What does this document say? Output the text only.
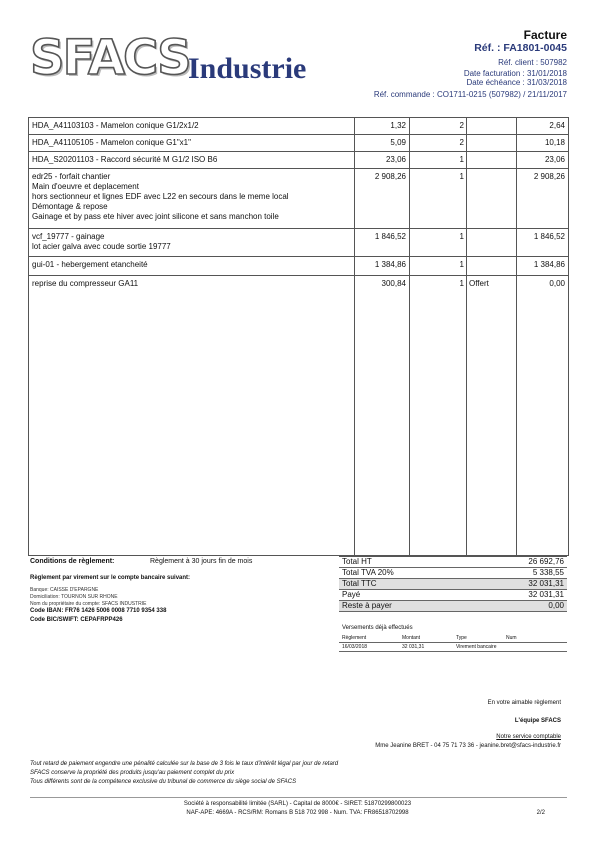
SFACS
Industrie
Facture
Réf. : FA1801-0045
Réf. client : 507982
Date facturation : 31/01/2018
Date échéance : 31/03/2018
Réf. commande : CO1711-0215 (507982) / 21/11/2017
HDA_A41103103 - Mamelon conique G1/2x1/2	1,32	2	2,64
HDA_A41105105 - Mamelon conique G1"x1"	5,09	2	10,18
HDA_S20201103 - Raccord sécurité M G1/2 ISO B6	23,06	1	23,06
edr25 - forfait chantier
Main d'oeuvre et deplacement
hors sectionneur et lignes EDF avec L22 en secours dans le meme local
Démontage & repose
Gainage et by pass ete hiver avec joint silicone et sans manchon toile
2 908,26	1	2 908,26
vcf_19777 - gainage
lot acier galva avec coude sortie 19777
1 846,52	1	1 846,52
gui-01 - hebergement etancheité	1 384,86	1	1 384,86
reprise du compresseur GA11	300,84	1 Offert	0,00
Conditions de règlement:	Règlement à 30 jours fin de mois
Règlement par virement sur le compte bancaire suivant:
Banque: CAISSE D'EPARGNE
Domiciliation: TOURNON SUR RHONE
Nom du propriétaire du compte: SFACS INDUSTRIE
Code IBAN: FR76 1426 5006 0008 7710 9354 338
Code BIC/SWIFT: CEPAFRPP426
Total HT	26 692,76
Total TVA 20%	5 338,55
Total TTC	32 031,31
Payé	32 031,31
Reste à payer	0,00
Versements déjà effectués
Règlement	Montant	Type	Num
16/03/2018	32 031,31	Virement bancaire
En votre aimable règlement
L'équipe SFACS
Notre service comptable
Mme Jeanine BRET - 04 75 71 73 36 - jeanine.bret@sfacs-industrie.fr
Tout retard de paiement engendre une pénalité calculée sur la base de 3 fois le taux d'intérêt légal par jour de retard
SFACS conserve la propriété des produits jusqu'au paiement complet du prix
Tous différents sont de la compétence exclusive du tribunal de commerce du siège social de SFACS
Société à responsabilité limitée (SARL) - Capital de 8000€ - SIRET: 51870299800023
NAF-APE: 4669A - RCS/RM: Romans B 518 702 998 - Num. TVA: FR86518702998	2/2
